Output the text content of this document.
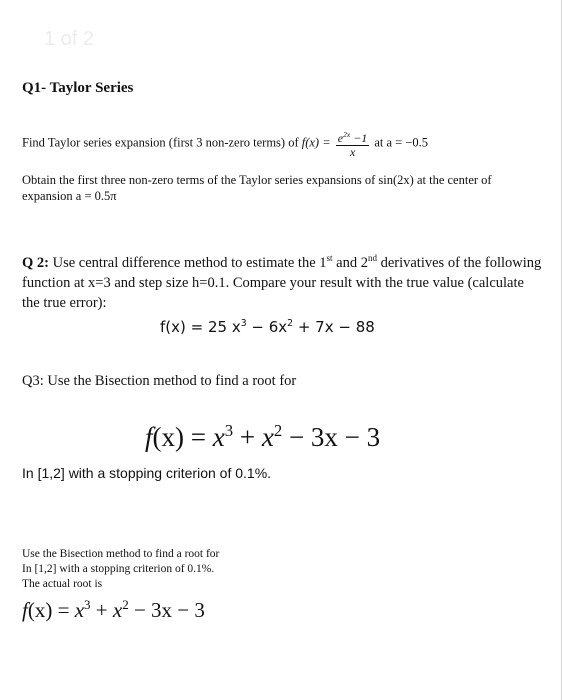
1 of 2
Q1- Taylor Series
Find Taylor series expansion (first 3 non-zero terms) of $f(x) = \frac{e^{2x} -1}{x}$ at a = −0.5
Obtain the first three non-zero terms of the Taylor series expansions of sin(2x) at the center of expansion a = 0.5π
Q 2: Use central difference method to estimate the 1st and 2nd derivatives of the following function at x=3 and step size h=0.1. Compare your result with the true value (calculate the true error):
f(x) = 25 $x^3 - 6x^2 + 7x - 88$
Q3: Use the Bisection method to find a root for
$f(x) = x^3 + x^2 - 3x - 3$
In [1,2] with a stopping criterion of 0.1%.
Use the Bisection method to find a root for
In [1,2] with a stopping criterion of 0.1%.
The actual root is
$f(x) = x^3 + x^2 - 3x - 3$
